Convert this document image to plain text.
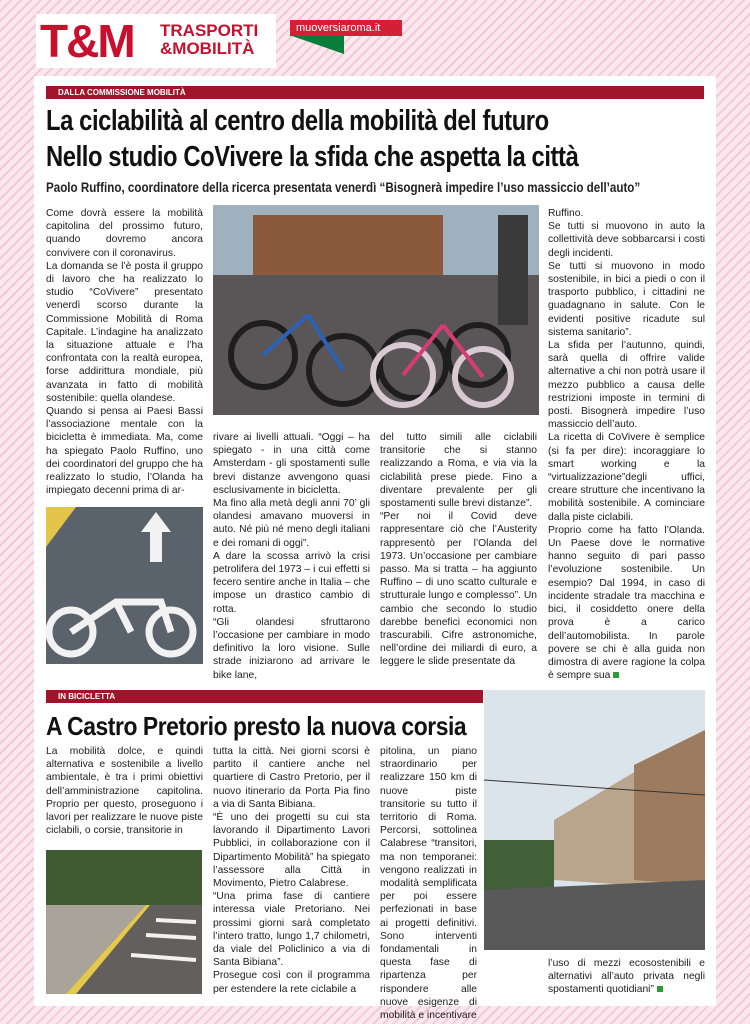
T&M TRASPORTI
&MOBILITÀ
muoversiaroma.it
DALLA COMMISSIONE MOBILITÀ
La ciclabilità al centro della mobilità del futuro
Nello studio CoVivere la sfida che aspetta la città
Paolo Ruffino, coordinatore della ricerca presentata venerdì “Bisognerà impedire l’uso massiccio dell’auto”
Come dovrà essere la mobilità capitolina del prossimo futuro, quando dovremo ancora convivere con il coronavirus.
La domanda se l’è posta il gruppo di lavoro che ha realizzato lo studio “CoVivere” presentato venerdì scorso durante la Commissione Mobilità di Roma Capitale. L’indagine ha analizzato la situazione attuale e l’ha confrontata con la realtà europea, forse addirittura mondiale, più avanzata in fatto di mobilità sostenibile: quella olandese.
Quando si pensa ai Paesi Bassi l’associazione mentale con la bicicletta è immediata. Ma, come ha spiegato Paolo Ruffino, uno dei coordinatori del gruppo che ha realizzato lo studio, l’Olanda ha impiegato decenni prima di ar-
rivare ai livelli attuali. “Oggi – ha spiegato - in una città come Amsterdam - gli spostamenti sulle brevi distanze avvengono quasi esclusivamente in bicicletta.
Ma fino alla metà degli anni 70’ gli olandesi amavano muoversi in auto. Né più né meno degli italiani e dei romani di oggi”.
A dare la scossa arrivò la crisi petrolifera del 1973 – i cui effetti si fecero sentire anche in Italia – che impose un drastico cambio di rotta.
“Gli olandesi sfruttarono l’occasione per cambiare in modo definitivo la loro visione. Sulle strade iniziarono ad arrivare le bike lane,
del tutto simili alle ciclabili transitorie che si stanno realizzando a Roma, e via via la ciclabilità prese piede. Fino a diventare prevalente per gli spostamenti sulle brevi distanze”.
“Per noi il Covid deve rappresentare ciò che l’Austerity rappresentò per l’Olanda del 1973. Un’occasione per cambiare passo. Ma si tratta – ha aggiunto Ruffino – di uno scatto culturale e strutturale lungo e complesso”. Un cambio che secondo lo studio darebbe benefici economici non trascurabili. Cifre astronomiche, nell’ordine dei miliardi di euro, a leggere le slide presentate da
Ruffino.
Se tutti si muovono in auto la collettività deve sobbarcarsi i costi degli incidenti.
Se tutti si muovono in modo sostenibile, in bici a piedi o con il trasporto pubblico, i cittadini ne guadagnano in salute. Con le evidenti positive ricadute sul sistema sanitario”.
La sfida per l’autunno, quindi, sarà quella di offrire valide alternative a chi non potrà usare il mezzo pubblico a causa delle restrizioni imposte in termini di posti. Bisognerà impedire l’uso massiccio dell’auto.
La ricetta di CoVivere è semplice (si fa per dire): incoraggiare lo smart working e la “virtualizzazione”degli uffici, creare strutture che incentivano la mobilità sostenibile. A cominciare dalla piste ciclabili.
Proprio come ha fatto l’Olanda. Un Paese dove le normative hanno seguito di pari passo l’evoluzione sostenibile. Un esempio? Dal 1994, in caso di incidente stradale tra macchina e bici, il cosiddetto onere della prova è a carico dell’automobilista. In parole povere se chi è alla guida non dimostra di avere ragione la colpa è sempre sua
IN BICICLETTA
A Castro Pretorio presto la nuova corsia
La mobilità dolce, e quindi alternativa e sostenibile a livello ambientale, è tra i primi obiettivi dell’amministrazione capitolina. Proprio per questo, proseguono i lavori per realizzare le nuove piste ciclabili, o corsie, transitorie in
tutta la città. Nei giorni scorsi è partito il cantiere anche nel quartiere di Castro Pretorio, per il nuovo itinerario da Porta Pia fino a via di Santa Bibiana.
“È uno dei progetti su cui sta lavorando il Dipartimento Lavori Pubblici, in collaborazione con il Dipartimento Mobilità” ha spiegato l’assessore alla Città in Movimento, Pietro Calabrese.
“Una prima fase di cantiere interessa viale Pretoriano. Nei prossimi giorni sarà completato l’intero tratto, lungo 1,7 chilometri, da viale del Policlinico a via di Santa Bibiana”.
Prosegue così con il programma per estendere la rete ciclabile a
pitolina, un piano straordinario per realizzare 150 km di nuove piste transitorie su tutto il territorio di Roma. Percorsi, sottolinea Calabrese “transitori, ma non temporanei: vengono realizzati in modalità semplificata per poi essere perfezionati in base ai progetti definitivi. Sono interventi fondamentali in questa fase di ripartenza per rispondere alle nuove esigenze di mobilità e incentivare
l’uso di mezzi ecosostenibili e alternativi all’auto privata negli spostamenti quotidiani”
